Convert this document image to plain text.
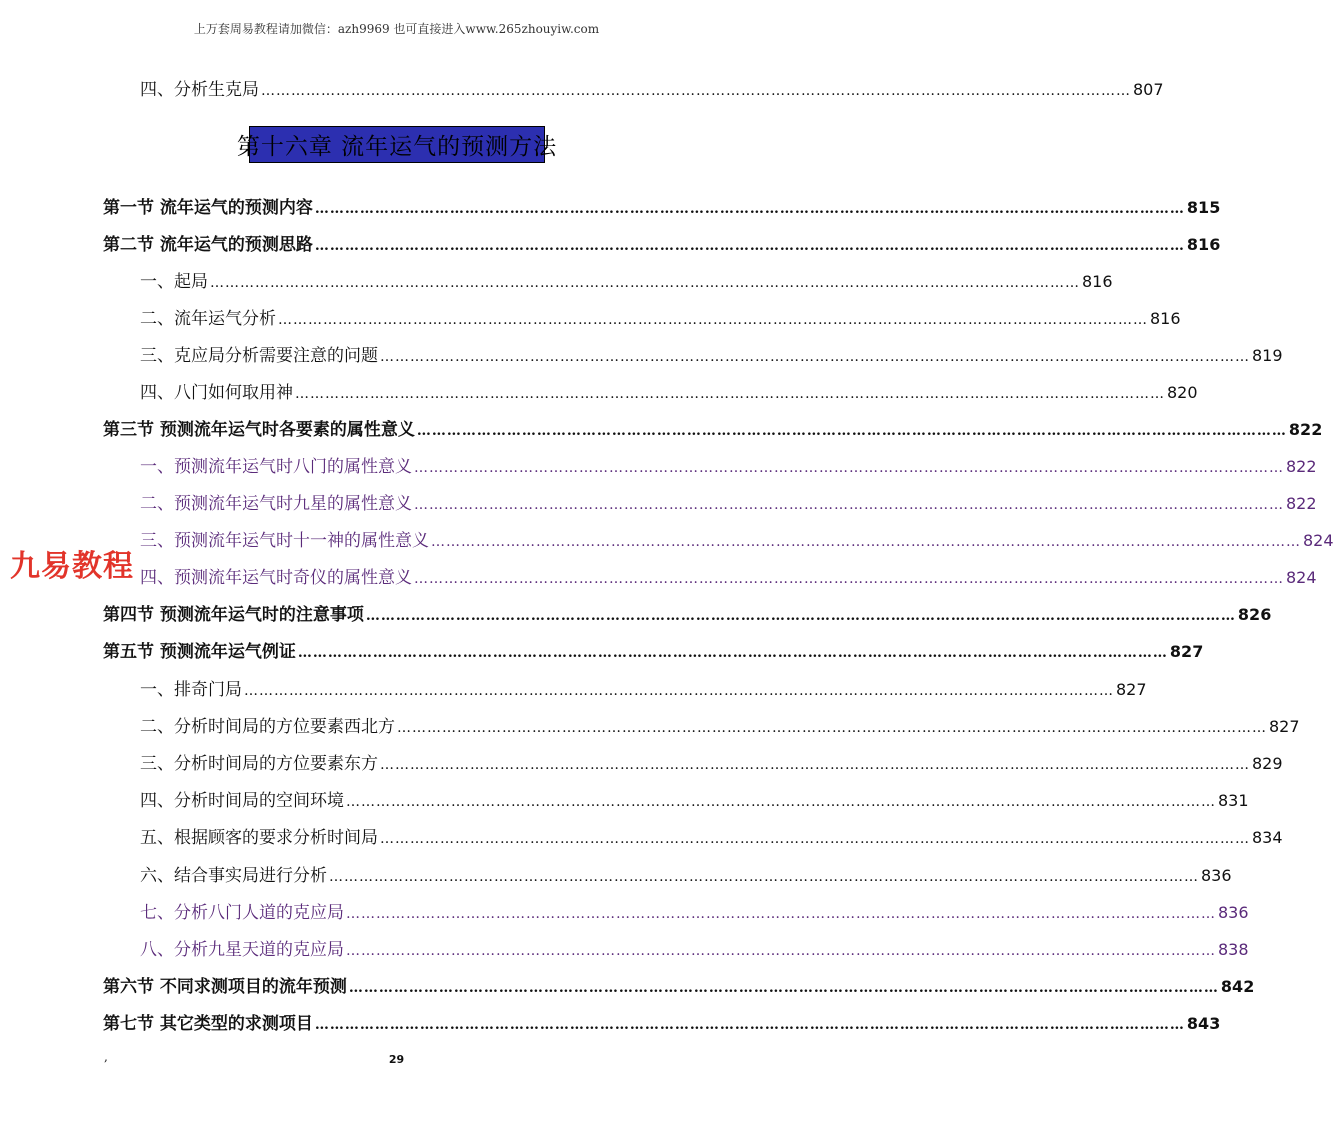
上万套周易教程请加微信：azh9969 也可直接进入www.265zhouyiw.com
四、分析生克局 ………………………………………………………………………………………………………………………………………………………… 807
第十六章 流年运气的预测方法
第一节 流年运气的预测内容 ………………………………………………………………………………………………………………………………………………………… 815
第二节 流年运气的预测思路 ………………………………………………………………………………………………………………………………………………………… 816
一、起局 ………………………………………………………………………………………………………………………………………………………… 816
二、流年运气分析 ………………………………………………………………………………………………………………………………………………………… 816
三、克应局分析需要注意的问题 ………………………………………………………………………………………………………………………………………………………… 819
四、八门如何取用神 ………………………………………………………………………………………………………………………………………………………… 820
第三节 预测流年运气时各要素的属性意义 ………………………………………………………………………………………………………………………………………………………… 822
一、预测流年运气时八门的属性意义 ………………………………………………………………………………………………………………………………………………………… 822
二、预测流年运气时九星的属性意义 ………………………………………………………………………………………………………………………………………………………… 822
三、预测流年运气时十一神的属性意义 ………………………………………………………………………………………………………………………………………………………… 824
四、预测流年运气时奇仪的属性意义 ………………………………………………………………………………………………………………………………………………………… 824
第四节 预测流年运气时的注意事项 ………………………………………………………………………………………………………………………………………………………… 826
第五节 预测流年运气例证 ………………………………………………………………………………………………………………………………………………………… 827
一、排奇门局 ………………………………………………………………………………………………………………………………………………………… 827
二、分析时间局的方位要素西北方 ………………………………………………………………………………………………………………………………………………………… 827
三、分析时间局的方位要素东方 ………………………………………………………………………………………………………………………………………………………… 829
四、分析时间局的空间环境 ………………………………………………………………………………………………………………………………………………………… 831
五、根据顾客的要求分析时间局 ………………………………………………………………………………………………………………………………………………………… 834
六、结合事实局进行分析 ………………………………………………………………………………………………………………………………………………………… 836
七、分析八门人道的克应局 ………………………………………………………………………………………………………………………………………………………… 836
八、分析九星天道的克应局 ………………………………………………………………………………………………………………………………………………………… 838
第六节 不同求测项目的流年预测 ………………………………………………………………………………………………………………………………………………………… 842
第七节 其它类型的求测项目 ………………………………………………………………………………………………………………………………………………………… 843
九易教程
,	29
